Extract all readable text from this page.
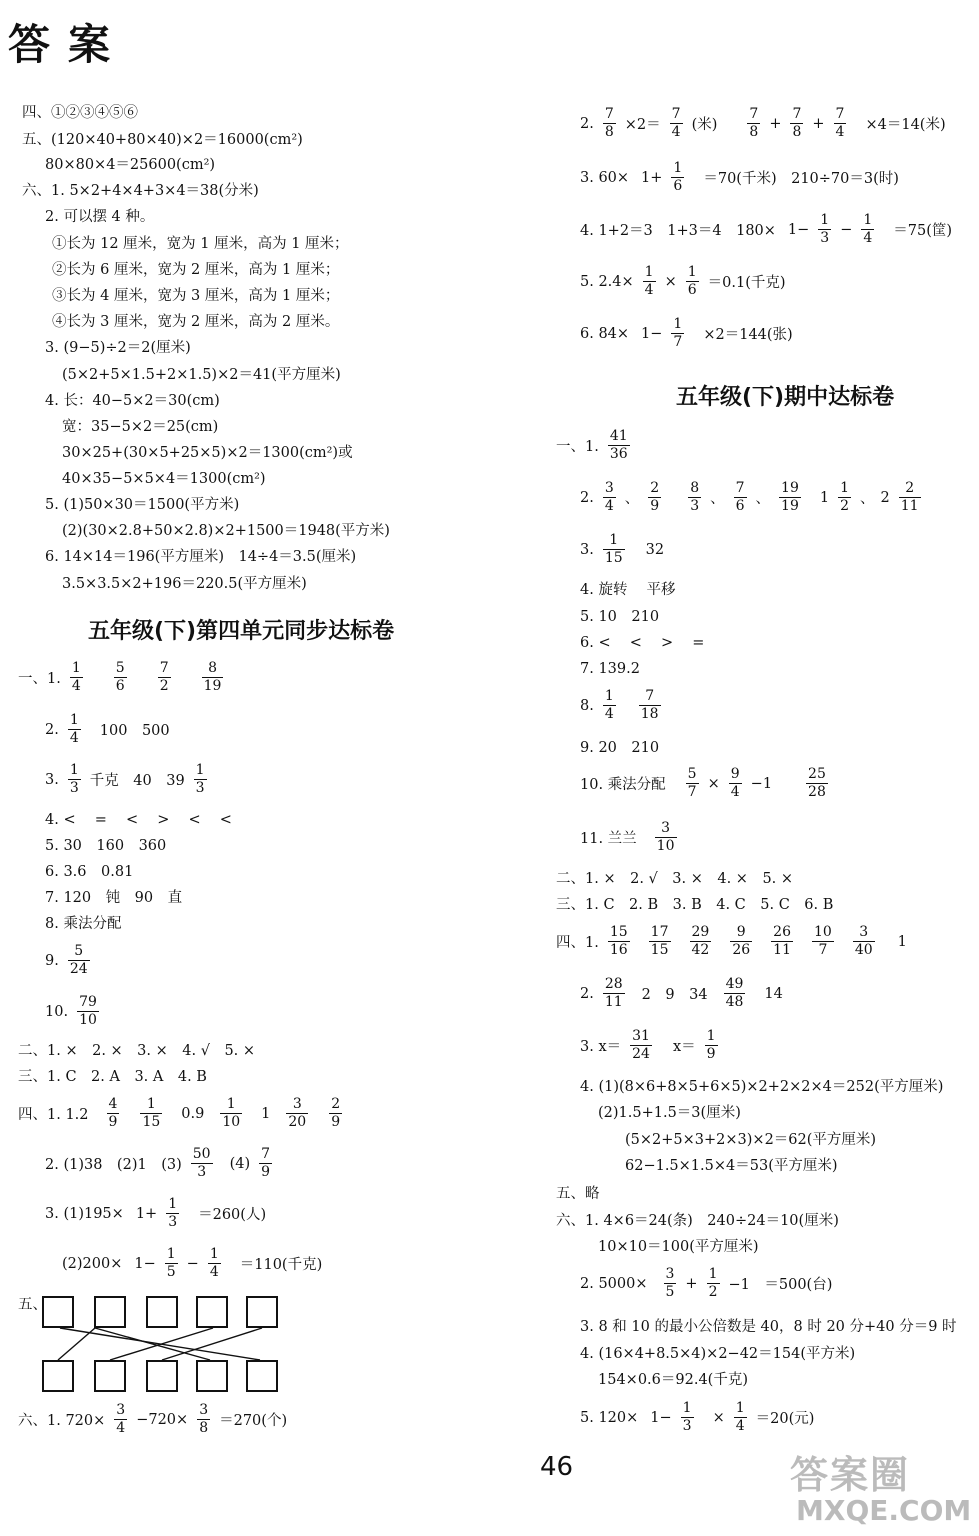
答案
四、①②③④⑤⑥
五、(120×40+80×40)×2＝16000(cm²)
80×80×4＝25600(cm²)
六、1. 5×2+4×4+3×4＝38(分米)
2. 可以摆 4 种。
①长为 12 厘米，宽为 1 厘米，高为 1 厘米；
②长为 6 厘米，宽为 2 厘米，高为 1 厘米；
③长为 4 厘米，宽为 3 厘米，高为 1 厘米；
④长为 3 厘米，宽为 2 厘米，高为 2 厘米。
3. (9−5)÷2＝2(厘米)
(5×2+5×1.5+2×1.5)×2＝41(平方厘米)
4. 长：40−5×2＝30(cm)
宽：35−5×2＝25(cm)
30×25+(30×5+25×5)×2＝1300(cm²)或
40×35−5×5×4＝1300(cm²)
5. (1)50×30＝1500(平方米)
(2)(30×2.8+50×2.8)×2+1500＝1948(平方米)
6. 14×14＝196(平方厘米)　14÷4＝3.5(厘米)
3.5×3.5×2+196＝220.5(平方厘米)
五年级(下)第四单元同步达标卷
一、1. $\frac{1}{4} \frac{5}{6} \frac{7}{2} \frac{8}{19}$
2. $\frac{1}{4} 100$　500
3. $\frac{1}{3}$ 千克　40　$39 \frac{1}{3}$
4. <　 =　 <　 >　 <　 <
5. 30　160　360
6. 3.6　0.81
7. 120　钝　90　直
8. 乘法分配
9. $\frac{5}{24}$
10. $\frac{79}{10}$
二、1. ×　2. ×　3. ×　4. √　5. ×
三、1. C　2. A　3. A　4. B
四、1. $1.2 \frac{4}{9} \frac{1}{15} 0.9 \frac{1}{10} 1 \frac{3}{20} \frac{2}{9}$
2. (1)38　(2)1　$(3) \frac{50}{3} (4) \frac{7}{9}$
3. $(1)195\times 1+ \frac{1}{3} =260$(人)
$(2)200\times 1- \frac{1}{5} - \frac{1}{4} =110$(千克)
五、
六、1. $720\times \frac{3}{4} -720\times \frac{3}{8} =270$(个)
2. $\frac{7}{8} \times 2= \frac{7}{4}$ (米) $\frac{7}{8} + \frac{7}{8} + \frac{7}{4} \times 4=14$(米)
3. $60\times 1+ \frac{1}{6} =70$(千米)　210÷70＝3(时)
4. 1+2＝3　1+3＝4　$180\times 1- \frac{1}{3} - \frac{1}{4} =75$(筐)
5. $2.4\times \frac{1}{4} \times \frac{1}{6} =0.1$(千克)
6. $84\times 1- \frac{1}{7} \times 2=144$(张)
五年级(下)期中达标卷
一、1. $\frac{41}{36}$
2. $\frac{3}{4}$ 、 $\frac{2}{9} \frac{8}{3}$ 、 $\frac{7}{6}$ 、 $\frac{19}{19} 1 \frac{1}{2}$ 、 $2 \frac{2}{11}$
3. $\frac{1}{15} 32$
4. 旋转　 平移
5. 10　210
6. <　 <　 >　 =
7. 139.2
8. $\frac{1}{4} \frac{7}{18}$
9. 20　210
10. 乘法分配 $\frac{5}{7} \times \frac{9}{4} -1 \frac{25}{28}$
11. 兰兰 $\frac{3}{10}$
二、1. ×　2. √　3. ×　4. ×　5. ×
三、1. C　2. B　3. B　4. C　5. C　6. B
四、1. $\frac{15}{16} \frac{17}{15} \frac{29}{42} \frac{9}{26} \frac{26}{11} \frac{10}{7} \frac{3}{40} 1$
2. $\frac{28}{11} 2$　9　$34 \frac{49}{48} 14$
3. $x= \frac{31}{24} x= \frac{1}{9}$
4. (1)(8×6+8×5+6×5)×2+2×2×4＝252(平方厘米)
(2)1.5+1.5＝3(厘米)
(5×2+5×3+2×3)×2＝62(平方厘米)
62−1.5×1.5×4＝53(平方厘米)
五、略
六、1. 4×6＝24(条)　240÷24＝10(厘米)
10×10＝100(平方厘米)
2. $5000\times \frac{3}{5} + \frac{1}{2} -1$　＝500(台)
3. 8 和 10 的最小公倍数是 40，8 时 20 分+40 分＝9 时
4. (16×4+8.5×4)×2−42＝154(平方米)
154×0.6＝92.4(千克)
5. $120\times 1- \frac{1}{3} \times \frac{1}{4} =20$(元)
46	答案圈
MXQE.COM
